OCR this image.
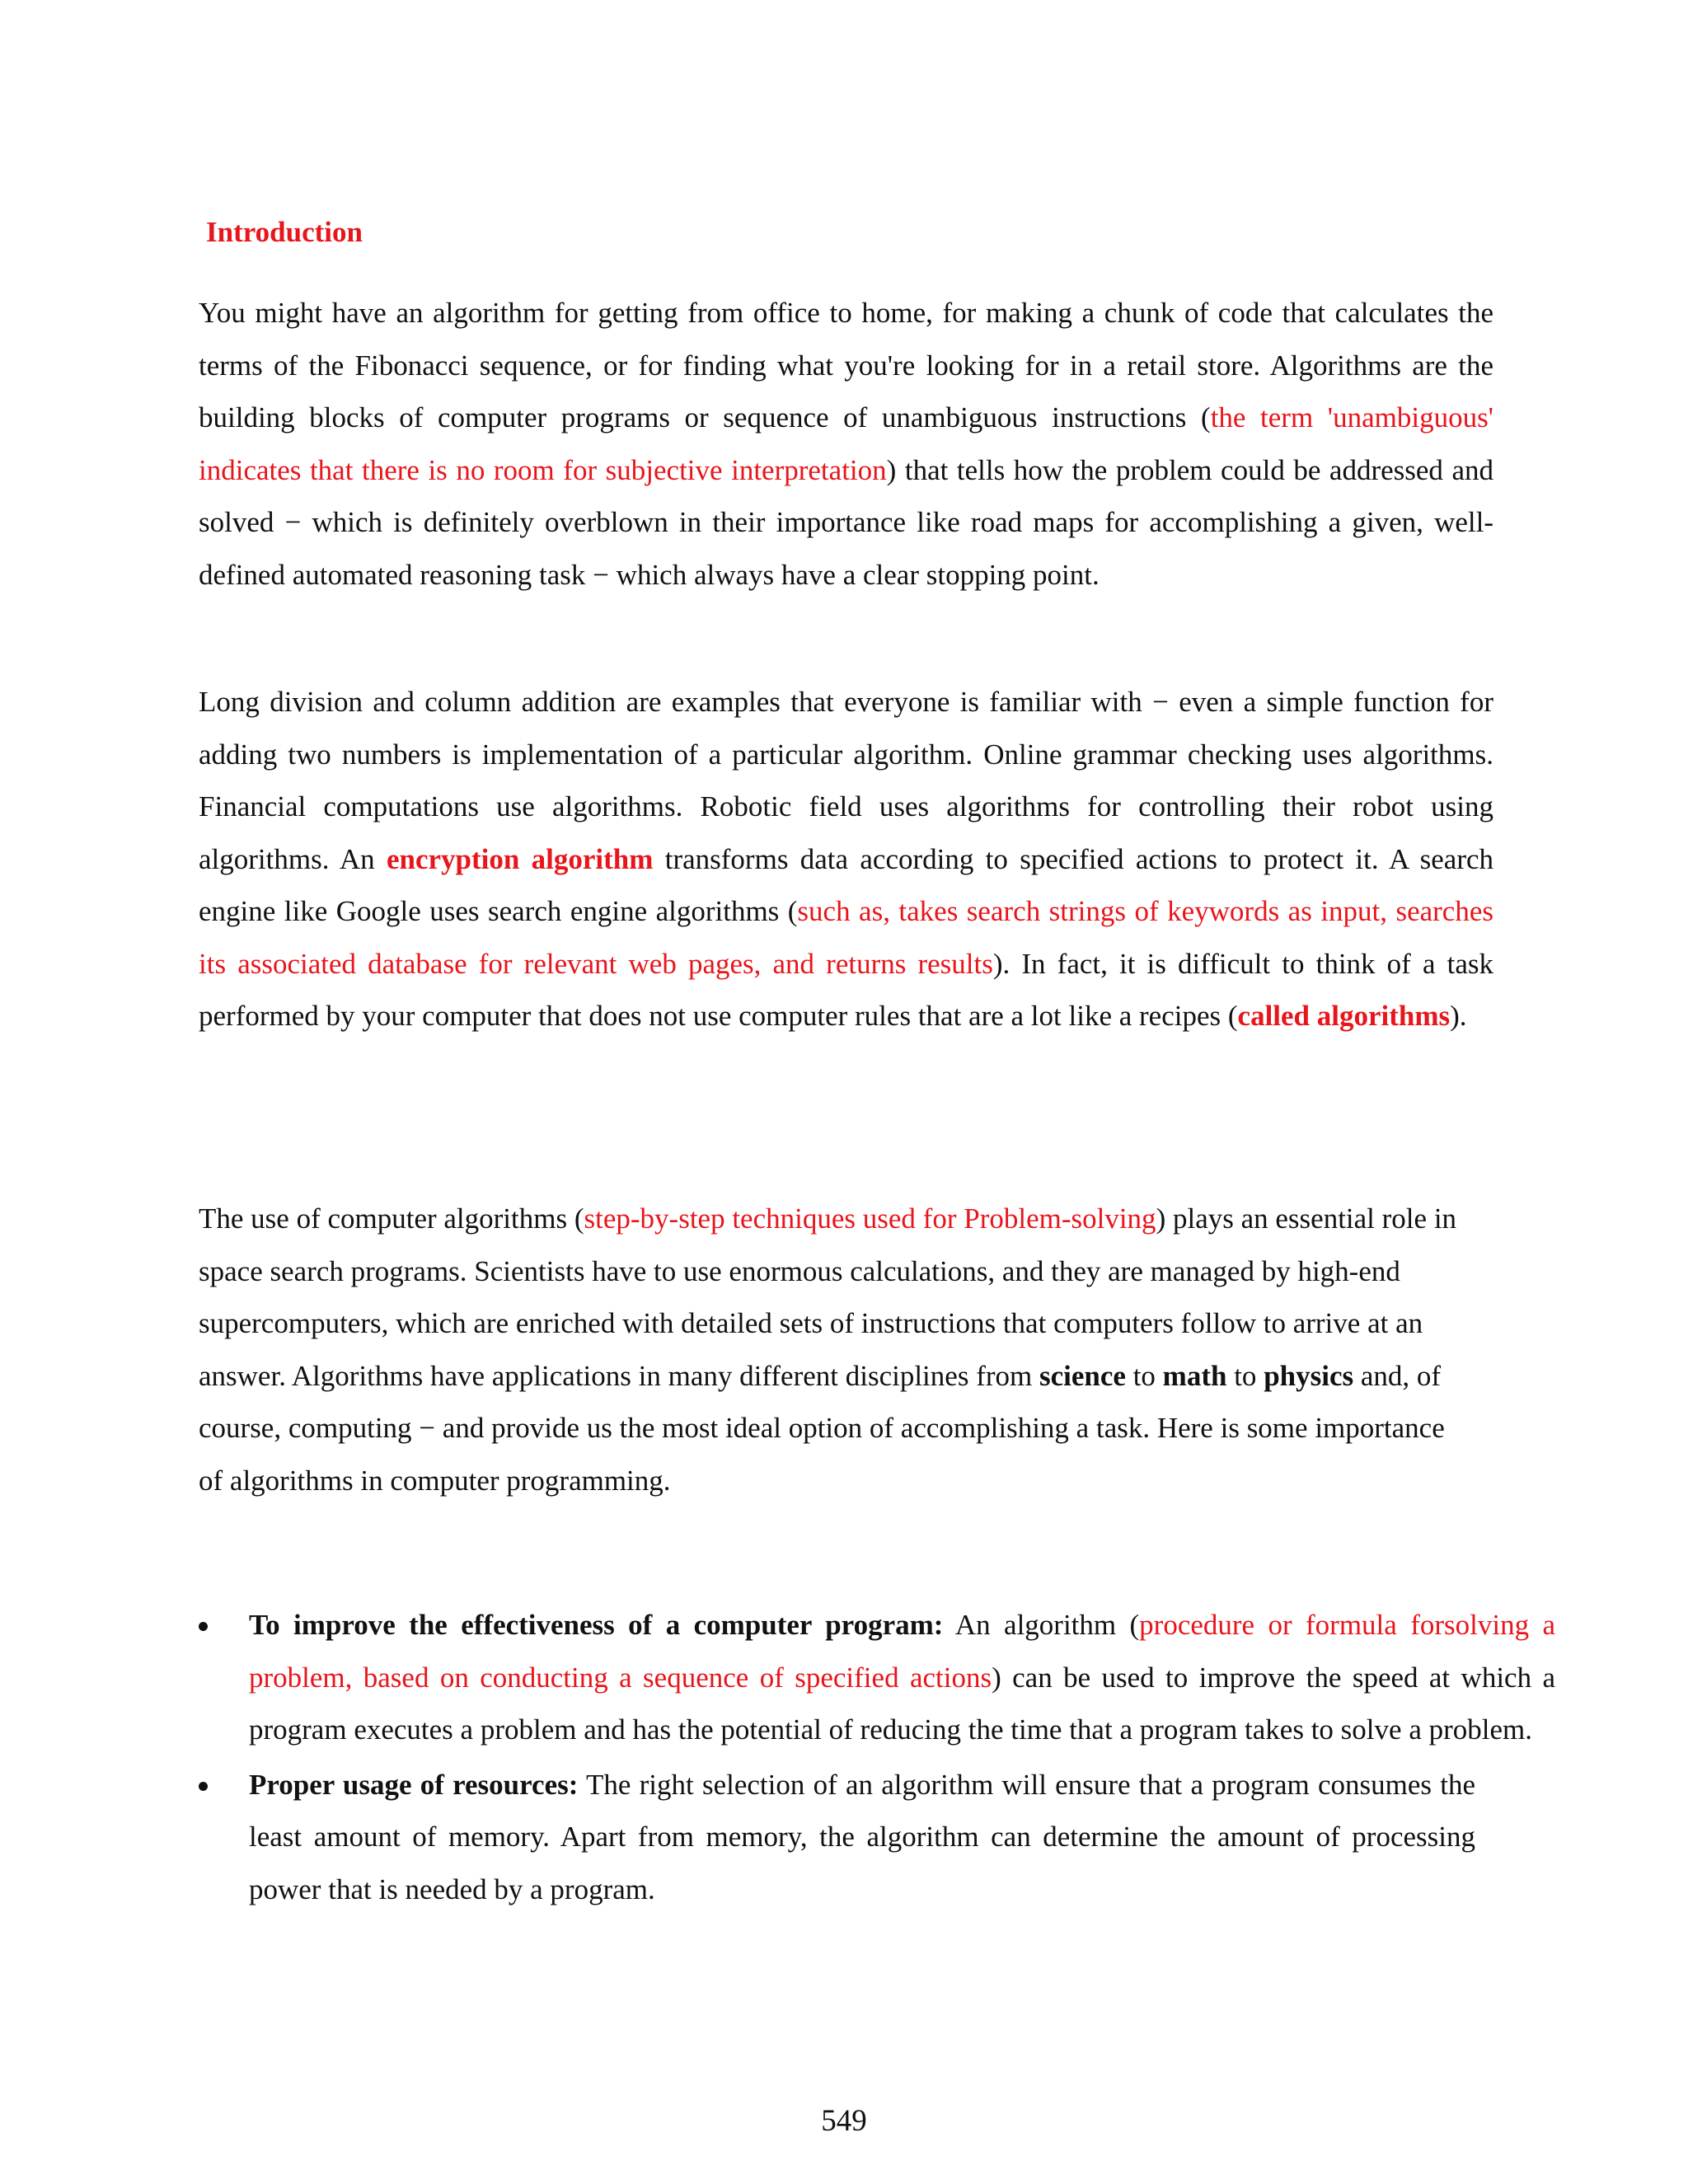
Introduction

You might have an algorithm for getting from office to home, for making a chunk of code that calculates the terms of the Fibonacci sequence, or for finding what you're looking for in a retail store. Algorithms are the building blocks of computer programs or sequence of unambiguous instructions (the term 'unambiguous' indicates that there is no room for subjective interpretation) that tells how the problem could be addressed and solved − which is definitely overblown in their importance like road maps for accomplishing a given, well-defined automated reasoning task − which always have a clear stopping point.

Long division and column addition are examples that everyone is familiar with − even a simple function for adding two numbers is implementation of a particular algorithm. Online grammar checking uses algorithms. Financial computations use algorithms. Robotic field uses algorithms for controlling their robot using algorithms. An encryption algorithm transforms data according to specified actions to protect it. A search engine like Google uses search engine algorithms (such as, takes search strings of keywords as input, searches its associated database for relevant web pages, and returns results). In fact, it is difficult to think of a task performed by your computer that does not use computer rules that are a lot like a recipes (called algorithms).

The use of computer algorithms (step-by-step techniques used for Problem-solving) plays an essential role in space search programs. Scientists have to use enormous calculations, and they are managed by high-end supercomputers, which are enriched with detailed sets of instructions that computers follow to arrive at an answer. Algorithms have applications in many different disciplines from science to math to physics and, of course, computing − and provide us the most ideal option of accomplishing a task. Here is some importance of algorithms in computer programming.

To improve the effectiveness of a computer program: An algorithm (procedure or formula forsolving a problem, based on conducting a sequence of specified actions) can be used to improve the speed at which a program executes a problem and has the potential of reducing the time that a program takes to solve a problem.
Proper usage of resources: The right selection of an algorithm will ensure that a program consumes the least amount of memory. Apart from memory, the algorithm can determine the amount of processing power that is needed by a program.

549
